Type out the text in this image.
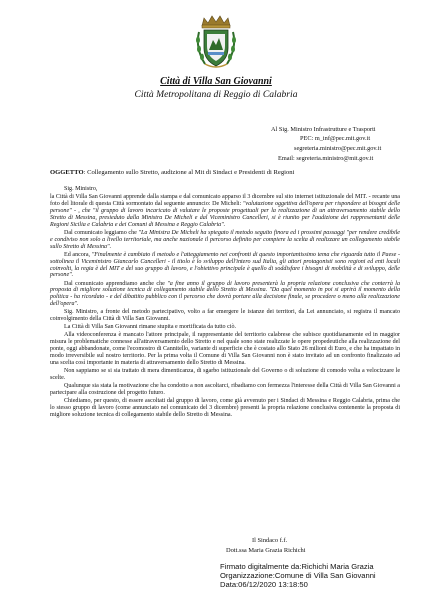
Città di Villa San Giovanni
Città Metropolitana di Reggio di Calabria
Al Sig. Ministro Infrastrutture e Trasporti
PEC: m_inf@pec.mit.gov.it
segreteria.ministro@pec.mit.gov.it
Email: segreteria.ministro@mit.gov.it
OGGETTO: Collegamento sullo Stretto, audizione al Mit di Sindaci e Presidenti di Regioni

Sig. Ministro,

la Città di Villa San Giovanni apprende dalla stampa e dal comunicato apparso il 3 dicembre sul sito internet istituzionale del MIT. - recante una foto del litorale di questa Città sormontato dal seguente annuncio: De Micheli: "valutazione oggettiva dell'opera per rispondere ai bisogni delle persone" - , che "il gruppo di lavoro incaricato di valutare le proposte progettuali per la realizzazione di un attraversamento stabile dello Stretto di Messina, presieduto dalla Ministra De Micheli e dal Viceministro Cancelleri, si è riunito per l'audizione dei rappresentanti delle Regioni Sicilia e Calabria e dei Comuni di Messina e Reggio Calabria".

Dal comunicato leggiamo che "La Ministra De Micheli ha spiegato il metodo seguito finora ed i prossimi passaggi "per rendere credibile e condiviso non solo a livello territoriale, ma anche nazionale il percorso definito per compiere la scelta di realizzare un collegamento stabile sullo Stretto di Messina".

Ed ancora, "Finalmente è cambiato il metodo e l'atteggiamento nei confronti di questo importantissimo tema che riguarda tutto il Paese - sottolinea il Viceministro Giancarlo Cancelleri - il titolo è lo sviluppo dell'intero sud Italia, gli attori protagonisti sono regioni ed enti locali coinvolti, la regia è del MIT e del suo gruppo di lavoro, e l'obiettivo principale è quello di soddisfare i bisogni di mobilità e di sviluppo, delle persone".

Dal comunicato apprendiamo anche che "a fine anno il gruppo di lavoro presenterà la propria relazione conclusiva che conterrà la proposta di migliore soluzione tecnica di collegamento stabile dello Stretto di Messina. "Da quel momento in poi si aprirà il momento della politica - ha ricordato - e del dibattito pubblico con il percorso che dovrà portare alla decisione finale, se procedere o meno alla realizzazione dell'opera".

Sig. Ministro, a fronte del metodo partecipativo, volto a far emergere le istanze dei territori, da Lei annunciato, si registra il mancato coinvolgimento della Città di Villa San Giovanni.

La Città di Villa San Giovanni rimane stupita e mortificata da tutto ciò.

Alla videoconferenza è mancato l'attore principale, il rappresentante del territorio calabrese che subisce quotidianamente ed in maggior misura le problematiche connesse all'attraversamento dello Stretto e nel quale sono state realizzate le opere propedeutiche alla realizzazione del ponte, oggi abbandonate, come l'ecomostro di Cannitello, variante di superficie che è costato allo Stato 26 milioni di Euro, e che ha impattato in modo irreversibile sul nostro territorio. Per la prima volta il Comune di Villa San Giovanni non è stato invitato ad un confronto finalizzato ad una scelta così importante in materia di attraversamento dello Stretto di Messina.

Non sappiamo se si sia trattato di mera dimenticanza, di sgarbo istituzionale del Governo o di soluzione di comodo volta a velocizzare le scelte.

Qualunque sia stata la motivazione che ha condotto a non ascoltarci, ribadiamo con fermezza l'interesse della Città di Villa San Giovanni a partecipare alla costruzione del progetto futuro.

Chiediamo, per questo, di essere ascoltati dal gruppo di lavoro, come già avvenuto per i Sindaci di Messina e Reggio Calabria, prima che lo stesso gruppo di lavoro (come annunciato nel comunicato del 3 dicembre) presenti la propria relazione conclusiva contenente la proposta di migliore soluzione tecnica di collegamento stabile dello Stretto di Messina.

Il Sindaco f.f.
Dott.ssa Maria Grazia Richichi
Firmato digitalmente da:Richichi Maria Grazia
Organizzazione:Comune di Villa San Giovanni
Data:06/12/2020 13:18:50
